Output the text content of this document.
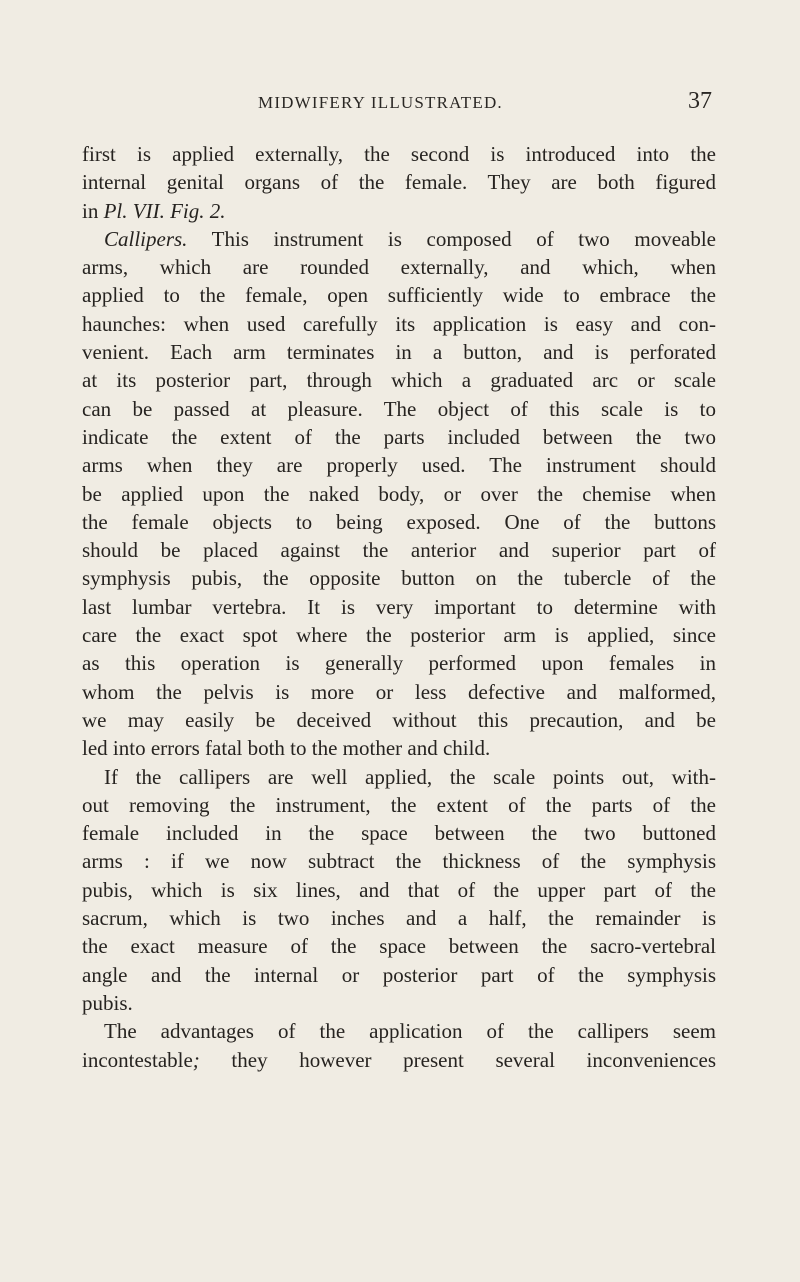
MIDWIFERY ILLUSTRATED.	37
first is applied externally, the second is introduced into the
internal genital organs of the female. They are both figured
in Pl. VII. Fig. 2.
Callipers. This instrument is composed of two moveable
arms, which are rounded externally, and which, when
applied to the female, open sufficiently wide to embrace the
haunches: when used carefully its application is easy and con-
venient. Each arm terminates in a button, and is perforated
at its posterior part, through which a graduated arc or scale
can be passed at pleasure. The object of this scale is to
indicate the extent of the parts included between the two
arms when they are properly used. The instrument should
be applied upon the naked body, or over the chemise when
the female objects to being exposed. One of the buttons
should be placed against the anterior and superior part of
symphysis pubis, the opposite button on the tubercle of the
last lumbar vertebra. It is very important to determine with
care the exact spot where the posterior arm is applied, since
as this operation is generally performed upon females in
whom the pelvis is more or less defective and malformed,
we may easily be deceived without this precaution, and be
led into errors fatal both to the mother and child.
If the callipers are well applied, the scale points out, with-
out removing the instrument, the extent of the parts of the
female included in the space between the two buttoned
arms : if we now subtract the thickness of the symphysis
pubis, which is six lines, and that of the upper part of the
sacrum, which is two inches and a half, the remainder is
the exact measure of the space between the sacro-vertebral
angle and the internal or posterior part of the symphysis
pubis.
The advantages of the application of the callipers seem
incontestable; they however present several inconveniences
